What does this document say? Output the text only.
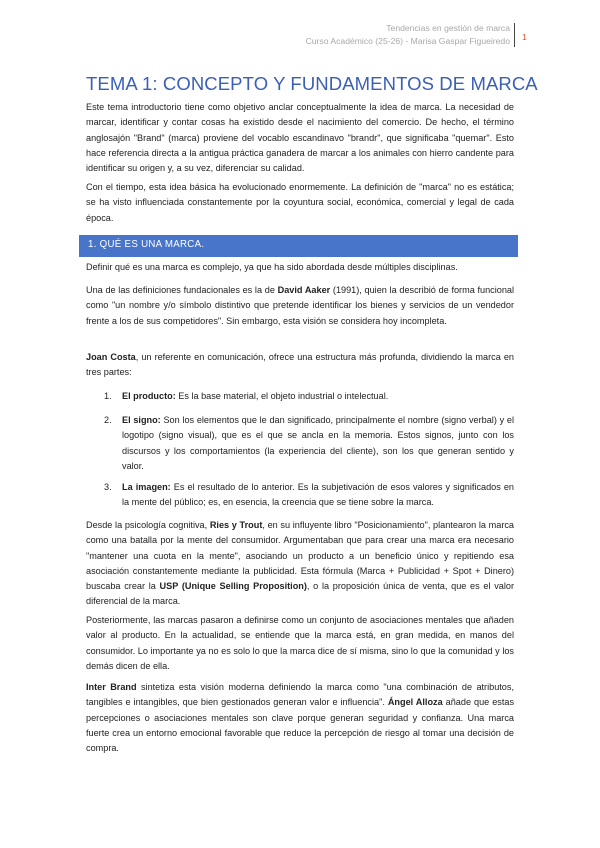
Tendencias en gestión de marca
Curso Académico (25-26) - Marisa Gaspar Figueiredo 1
TEMA 1: CONCEPTO Y FUNDAMENTOS DE MARCA

Este tema introductorio tiene como objetivo anclar conceptualmente la idea de marca. La necesidad de marcar, identificar y contar cosas ha existido desde el nacimiento del comercio. De hecho, el término anglosajón "Brand" (marca) proviene del vocablo escandinavo "brandr", que significaba "quemar". Esto hace referencia directa a la antigua práctica ganadera de marcar a los animales con hierro candente para identificar su origen y, a su vez, diferenciar su calidad.

Con el tiempo, esta idea básica ha evolucionado enormemente. La definición de "marca" no es estática; se ha visto influenciada constantemente por la coyuntura social, económica, comercial y legal de cada época.

1. QUÉ ES UNA MARCA.

Definir qué es una marca es complejo, ya que ha sido abordada desde múltiples disciplinas.

Una de las definiciones fundacionales es la de David Aaker (1991), quien la describió de forma funcional como "un nombre y/o símbolo distintivo que pretende identificar los bienes y servicios de un vendedor frente a los de sus competidores". Sin embargo, esta visión se considera hoy incompleta.

Joan Costa, un referente en comunicación, ofrece una estructura más profunda, dividiendo la marca en tres partes:

1.	El producto: Es la base material, el objeto industrial o intelectual.
2.	El signo: Son los elementos que le dan significado, principalmente el nombre (signo verbal) y el logotipo (signo visual), que es el que se ancla en la memoria. Estos signos, junto con los discursos y los comportamientos (la experiencia del cliente), son los que generan sentido y valor.
3.	La imagen: Es el resultado de lo anterior. Es la subjetivación de esos valores y significados en la mente del público; es, en esencia, la creencia que se tiene sobre la marca.

Desde la psicología cognitiva, Ries y Trout, en su influyente libro "Posicionamiento", plantearon la marca como una batalla por la mente del consumidor. Argumentaban que para crear una marca era necesario "mantener una cuota en la mente", asociando un producto a un beneficio único y repitiendo esa asociación constantemente mediante la publicidad. Esta fórmula (Marca + Publicidad + Spot + Dinero) buscaba crear la USP (Unique Selling Proposition), o la proposición única de venta, que es el valor diferencial de la marca.

Posteriormente, las marcas pasaron a definirse como un conjunto de asociaciones mentales que añaden valor al producto. En la actualidad, se entiende que la marca está, en gran medida, en manos del consumidor. Lo importante ya no es solo lo que la marca dice de sí misma, sino lo que la comunidad y los demás dicen de ella.

Inter Brand sintetiza esta visión moderna definiendo la marca como "una combinación de atributos, tangibles e intangibles, que bien gestionados generan valor e influencia". Ángel Alloza añade que estas percepciones o asociaciones mentales son clave porque generan seguridad y confianza. Una marca fuerte crea un entorno emocional favorable que reduce la percepción de riesgo al tomar una decisión de compra.
